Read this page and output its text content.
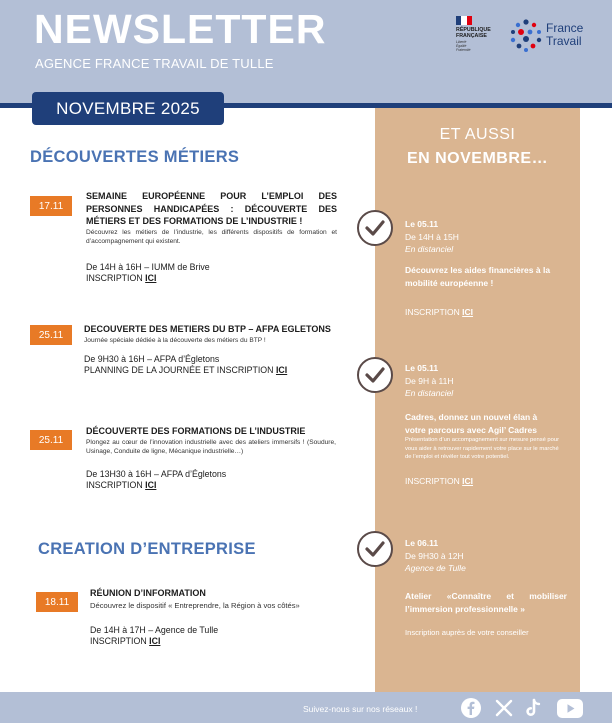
NEWSLETTER
AGENCE FRANCE TRAVAIL DE TULLE
RÉPUBLIQUE
FRANÇAISE
Liberté
Égalité
Fraternité
France
Travail
NOVEMBRE 2025
ET AUSSI
EN NOVEMBRE…
DÉCOUVERTES MÉTIERS
17.11
SEMAINE EUROPÉENNE POUR L’EMPLOI DES PERSONNES HANDICAPÉES : DÉCOUVERTE DES MÉTIERS ET DES FORMATIONS DE L’INDUSTRIE !
Découvrez les métiers de l’industrie, les différents dispositifs de formation et d’accompagnement qui existent.
De 14H à 16H – IUMM de Brive
INSCRIPTION ICI
25.11
DECOUVERTE DES METIERS DU BTP – AFPA EGLETONS
Journée spéciale dédiée à la découverte des métiers du BTP !
De 9H30 à 16H – AFPA d’Égletons
PLANNING DE LA JOURNÉE ET INSCRIPTION ICI
25.11
DÉCOUVERTE DES FORMATIONS DE L’INDUSTRIE
Plongez au cœur de l’innovation industrielle avec des ateliers immersifs ! (Soudure, Usinage, Conduite de ligne, Mécanique industrielle…)
De 13H30 à 16H – AFPA d’Égletons
INSCRIPTION ICI
CREATION D’ENTREPRISE
18.11
RÉUNION D’INFORMATION
Découvrez le dispositif « Entreprendre, la Région à vos côtés»
De 14H à 17H – Agence de Tulle
INSCRIPTION ICI
Le 05.11
De 14H à 15H
En distanciel
Découvrez les aides financières à la mobilité européenne !
INSCRIPTION ICI
Le 05.11
De 9H à 11H
En distanciel
Cadres, donnez un nouvel élan à votre parcours avec Agil’ Cadres
Présentation d’un accompagnement sur mesure pensé pour vous aider à retrouver rapidement votre place sur le marché de l’emploi et révéler tout votre potentiel.
INSCRIPTION ICI
Le 06.11
De 9H30 à 12H
Agence de Tulle
Atelier «Connaître et mobiliser l’immersion professionnelle »
Inscription auprès de votre conseiller
Suivez-nous sur nos réseaux !
